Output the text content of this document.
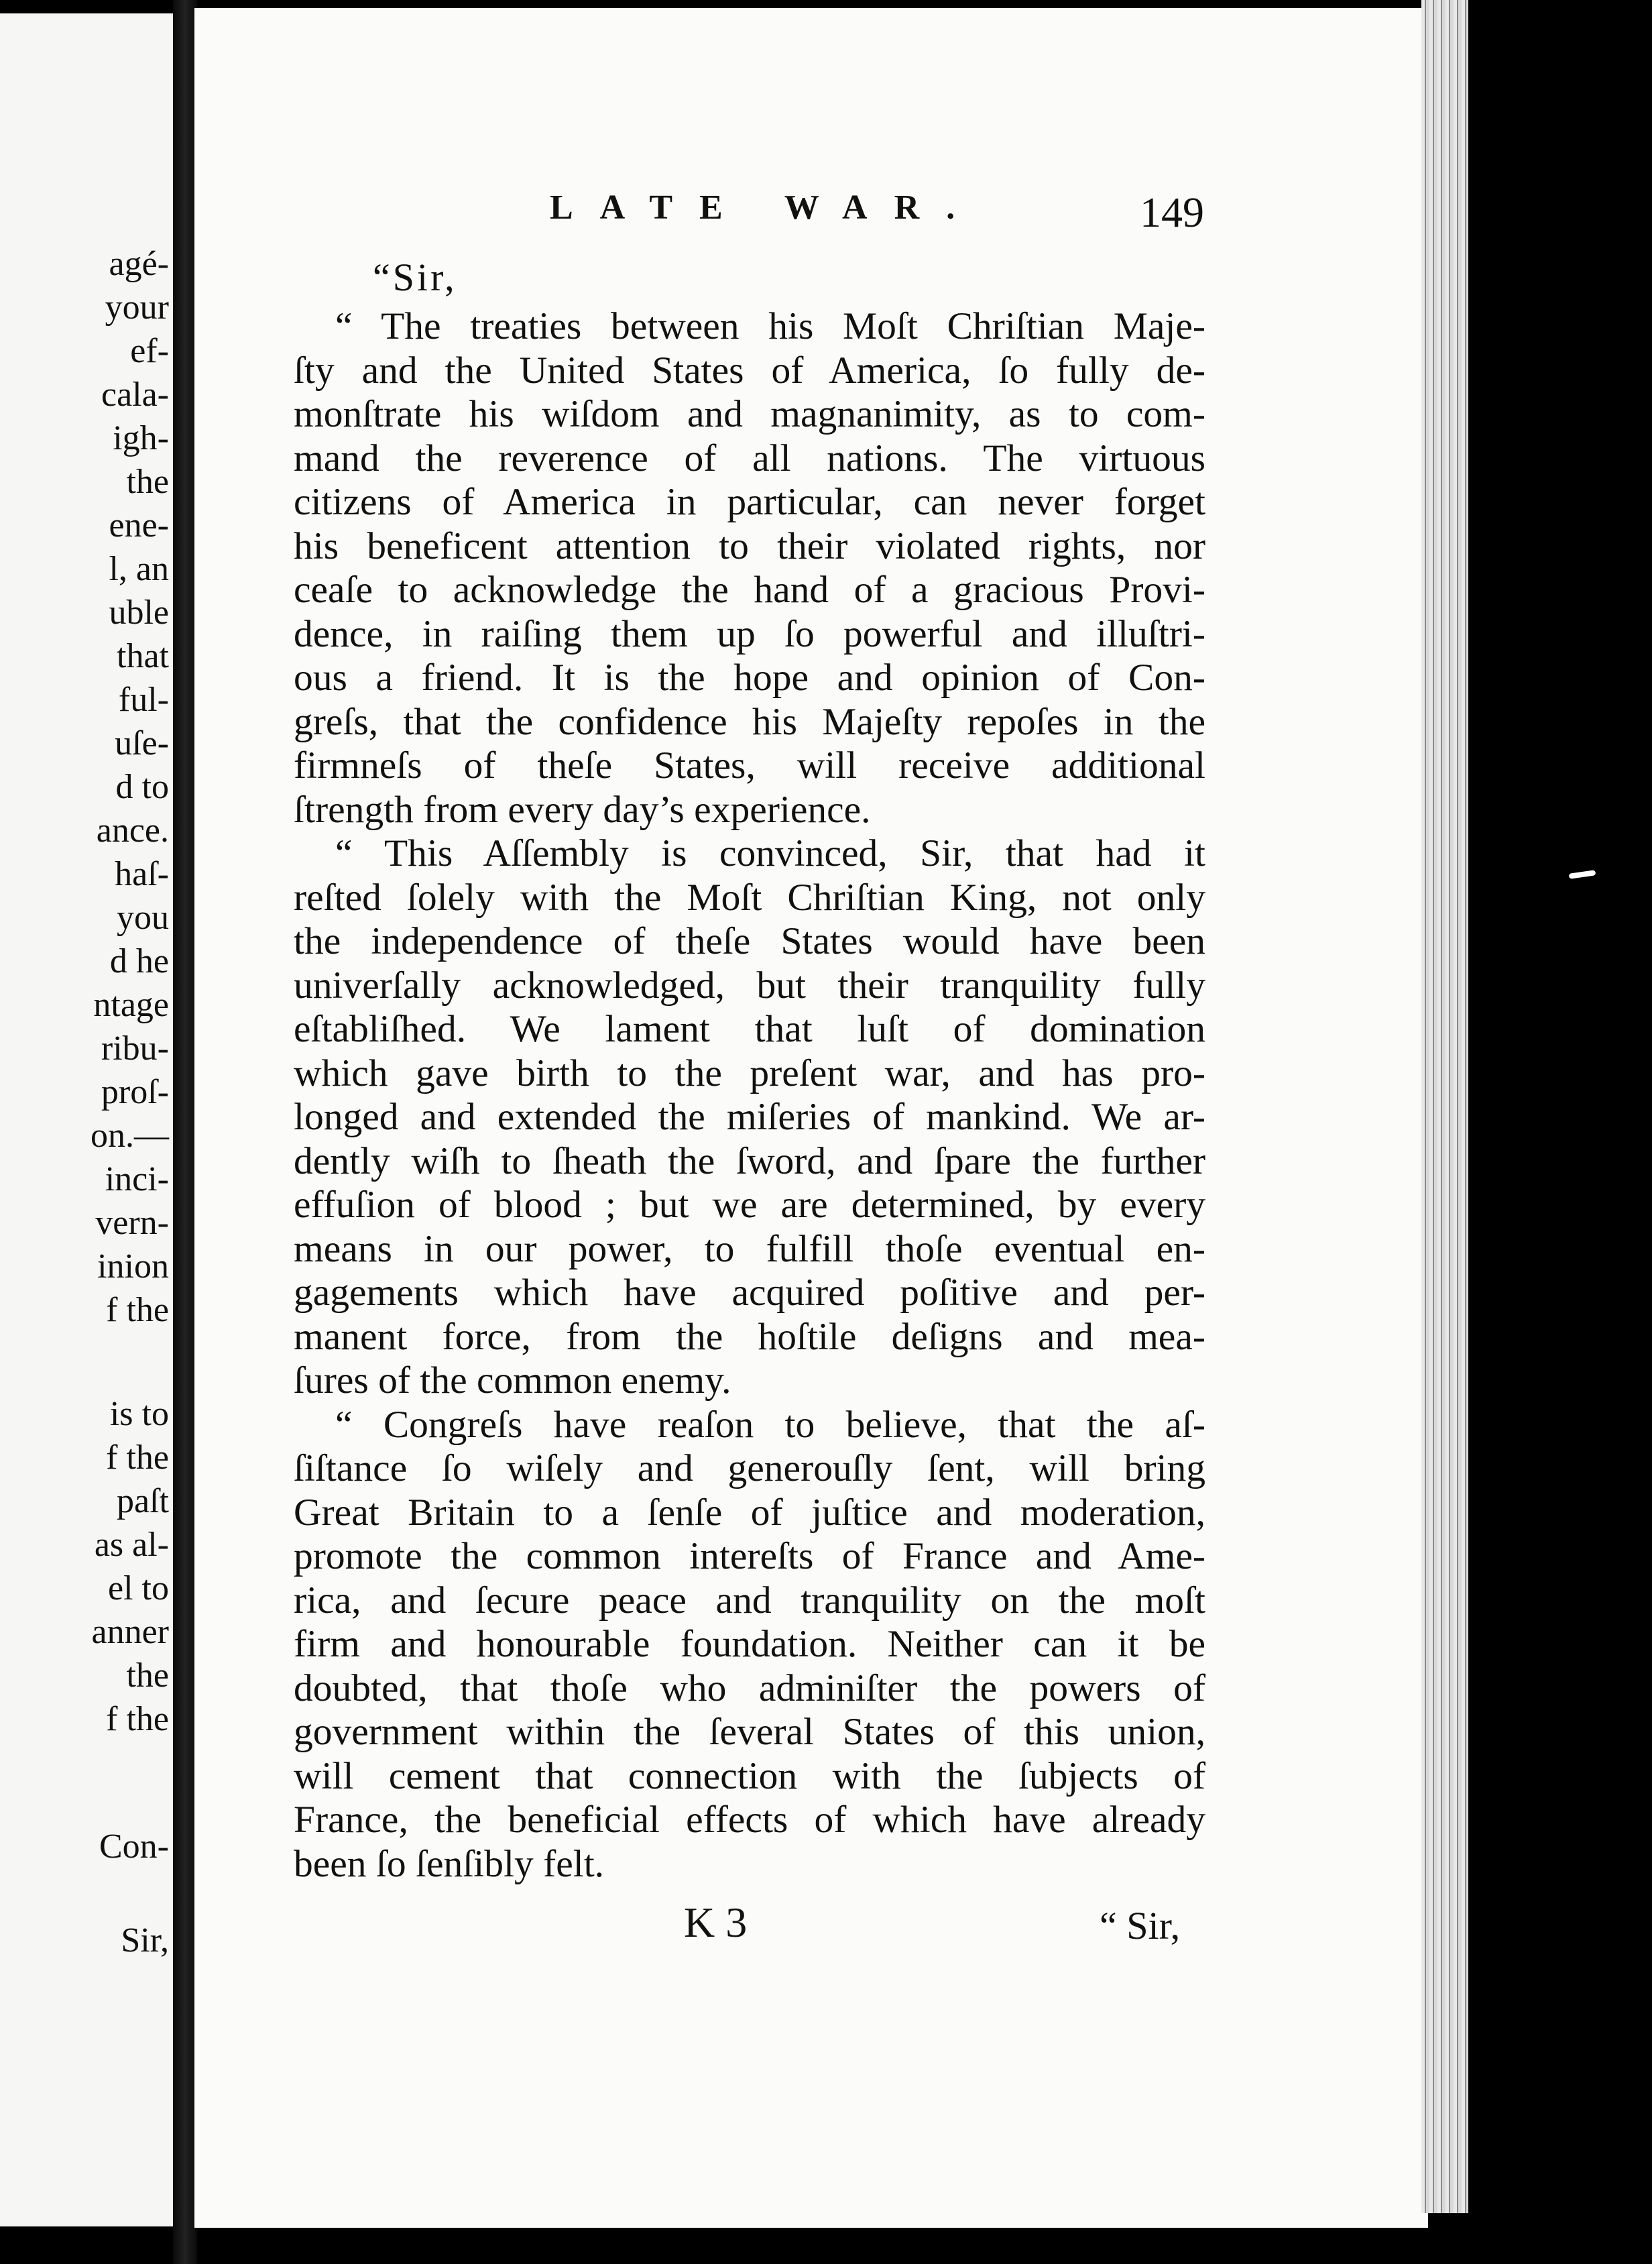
agé-
your
ef-
cala-
igh-
the
ene-
l, an
uble
that
ful-
uſe-
d to
ance.
haſ-
you
d he
ntage
ribu-
proſ-
on.—
inci-
vern-
inion
f the
is to
f the
paſt
as al-
el to
anner
the
f the
Con-
Sir,
LATE WAR.	149
“Sir,
“ The treaties between his Moſt Chriſtian Maje-
ſty and the United States of America, ſo fully de-
monſtrate his wiſdom and magnanimity, as to com-
mand the reverence of all nations. The virtuous
citizens of America in particular, can never forget
his beneficent attention to their violated rights, nor
ceaſe to acknowledge the hand of a gracious Provi-
dence, in raiſing them up ſo powerful and illuſtri-
ous a friend. It is the hope and opinion of Con-
greſs, that the confidence his Majeſty repoſes in the
firmneſs of theſe States, will receive additional
ſtrength from every day’s experience.
“ This Aſſembly is convinced, Sir, that had it
reſted ſolely with the Moſt Chriſtian King, not only
the independence of theſe States would have been
univerſally acknowledged, but their tranquility fully
eſtabliſhed. We lament that luſt of domination
which gave birth to the preſent war, and has pro-
longed and extended the miſeries of mankind. We ar-
dently wiſh to ſheath the ſword, and ſpare the further
effuſion of blood ; but we are determined, by every
means in our power, to fulfill thoſe eventual en-
gagements which have acquired poſitive and per-
manent force, from the hoſtile deſigns and mea-
ſures of the common enemy.
“ Congreſs have reaſon to believe, that the aſ-
ſiſtance ſo wiſely and generouſly ſent, will bring
Great Britain to a ſenſe of juſtice and moderation,
promote the common intereſts of France and Ame-
rica, and ſecure peace and tranquility on the moſt
firm and honourable foundation. Neither can it be
doubted, that thoſe who adminiſter the powers of
government within the ſeveral States of this union,
will cement that connection with the ſubjects of
France, the beneficial effects of which have already
been ſo ſenſibly felt.
K 3	“ Sir,
